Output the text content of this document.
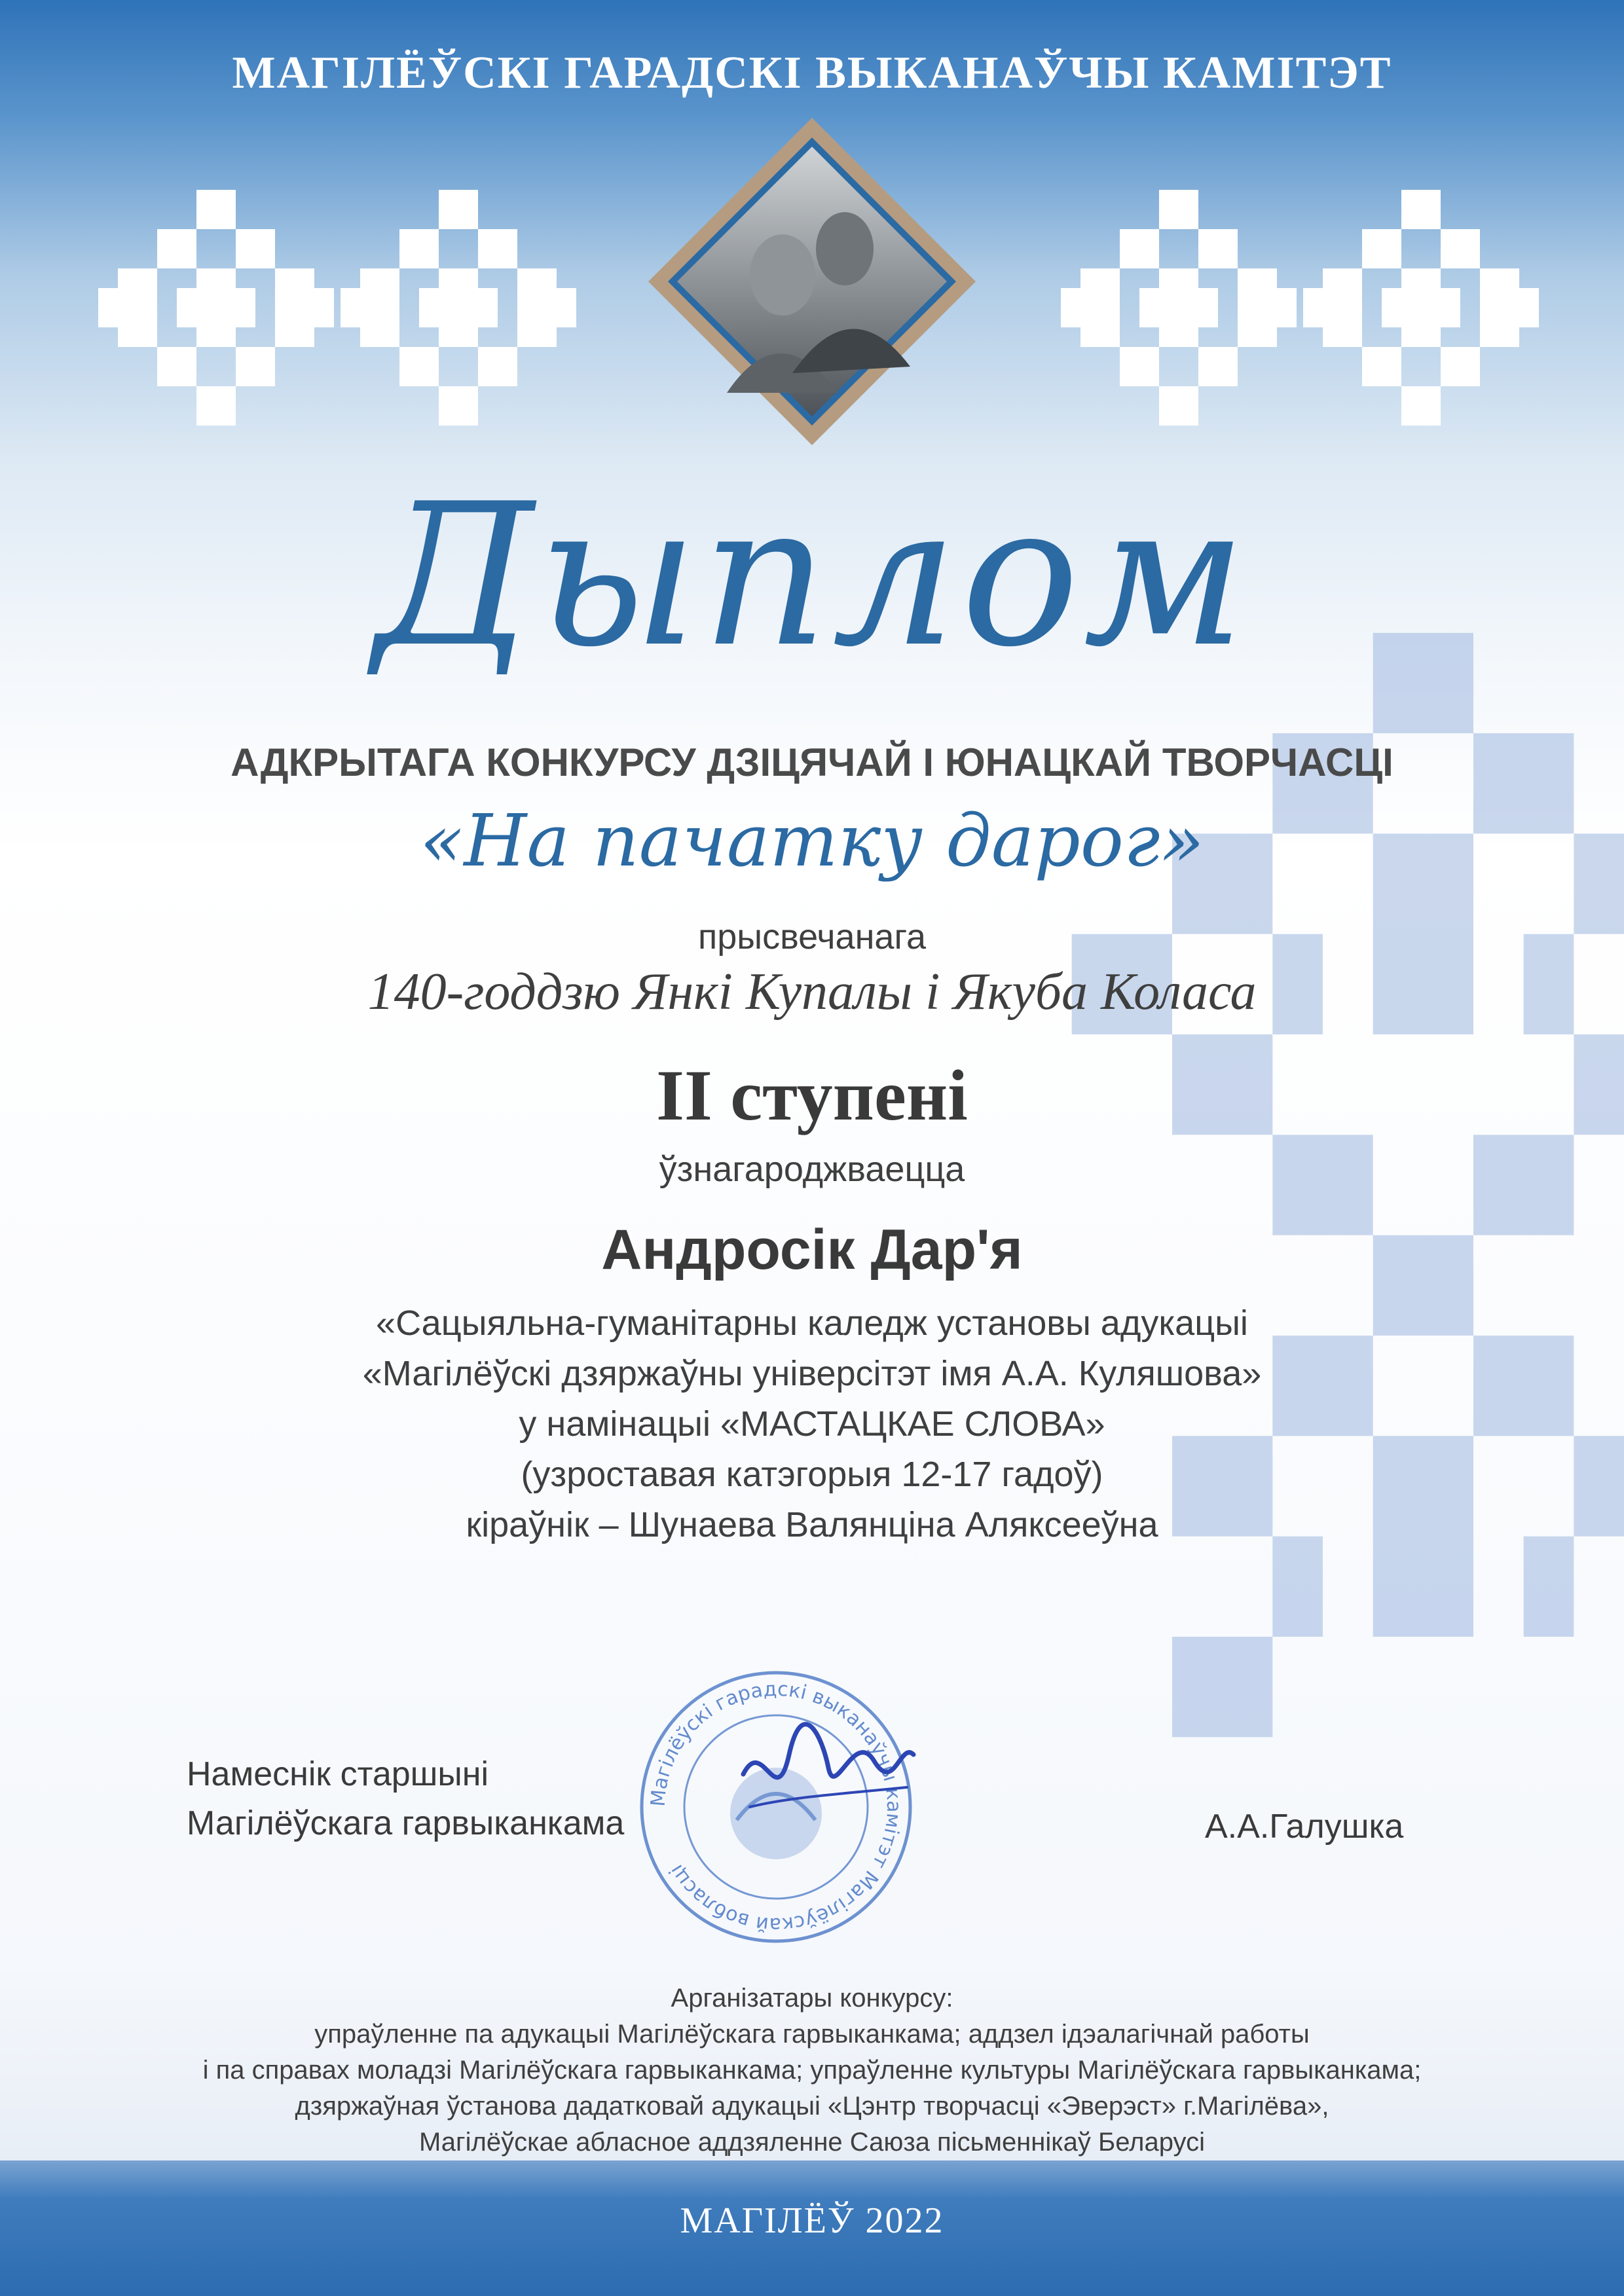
МАГІЛЁЎСКІ ГАРАДСКІ ВЫКАНАЎЧЫ КАМІТЭТ
Дыплом
АДКРЫТАГА КОНКУРСУ ДЗІЦЯЧАЙ І ЮНАЦКАЙ ТВОРЧАСЦІ
«На пачатку дарог»
прысвечанага
140-годдзю Янкі Купалы і Якуба Коласа
II ступені
ўзнагароджваецца
Андросік Дар'я
«Сацыяльна-гуманітарны каледж установы адукацыі
«Магілёўскі дзяржаўны універсітэт імя А.А. Куляшова»
у намінацыі «МАСТАЦКАЕ СЛОВА»
(узроставая катэгорыя 12-17 гадоў)
кіраўнік – Шунаева Валянціна Аляксееўна
Намеснік старшыні
Магілёўскага гарвыканкама	А.А.Галушка
Магілёўскі гарадскі выканаўчы камітэт Магілёўскай вобласці
Арганізатары конкурсу:
упраўленне па адукацыі Магілёўскага гарвыканкама; аддзел ідэалагічнай работы
і па справах моладзі Магілёўскага гарвыканкама; упраўленне культуры Магілёўскага гарвыканкама;
дзяржаўная ўстанова дадатковай адукацыі «Цэнтр творчасці «Эверэст» г.Магілёва»,
Магілёўскае абласное аддзяленне Саюза пісьменнікаў Беларусі
МАГІЛЁЎ 2022
